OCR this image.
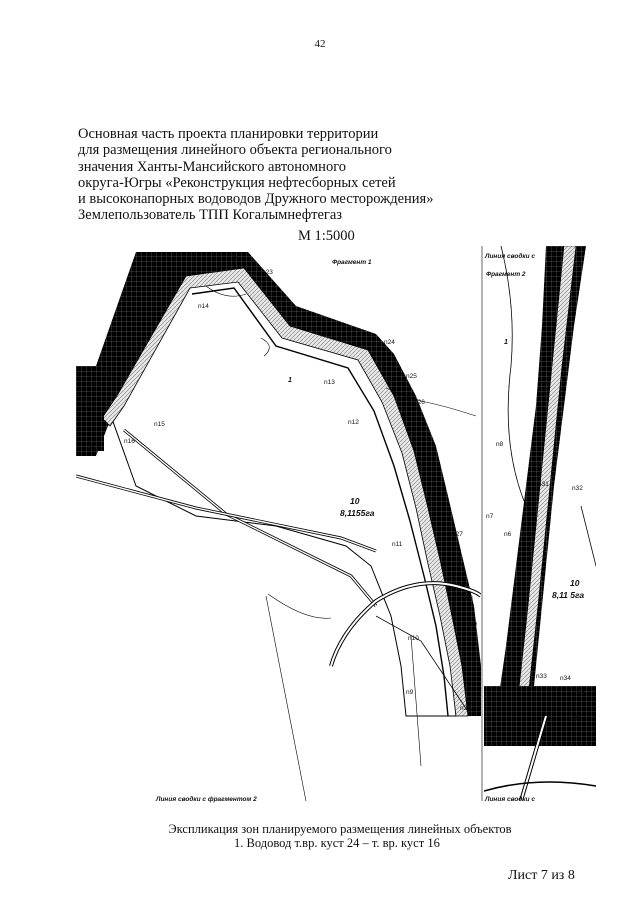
42
Основная часть проекта планировки территории
для размещения линейного объекта регионального
значения Ханты-Мансийского автономного
округа-Югры «Реконструкция нефтесборных сетей
и высоконапорных водоводов Дружного месторождения»
Землепользователь ТПП Когалымнефтегаз
М 1:5000
Фрагмент 1
Линия сводки с фрагментом 2
1
10
8,1155га
n21	n22
n23
n14
n24
n13
n25
n26
n12
n20
n19
n18
n17
n15
n16
n27
n11
n28
n29
n10
n9
n30
Линия сводки с
Фрагмент 2
Линия сводки с
1
10
8,11 5га
n8
n31
n32
n7
n6 n5
n33 n34
n35
n4
n3
n2
n1
Экспликация зон планируемого размещения линейных объектов
1. Водовод т.вр. куст 24 – т. вр. куст 16
Лист 7 из 8
